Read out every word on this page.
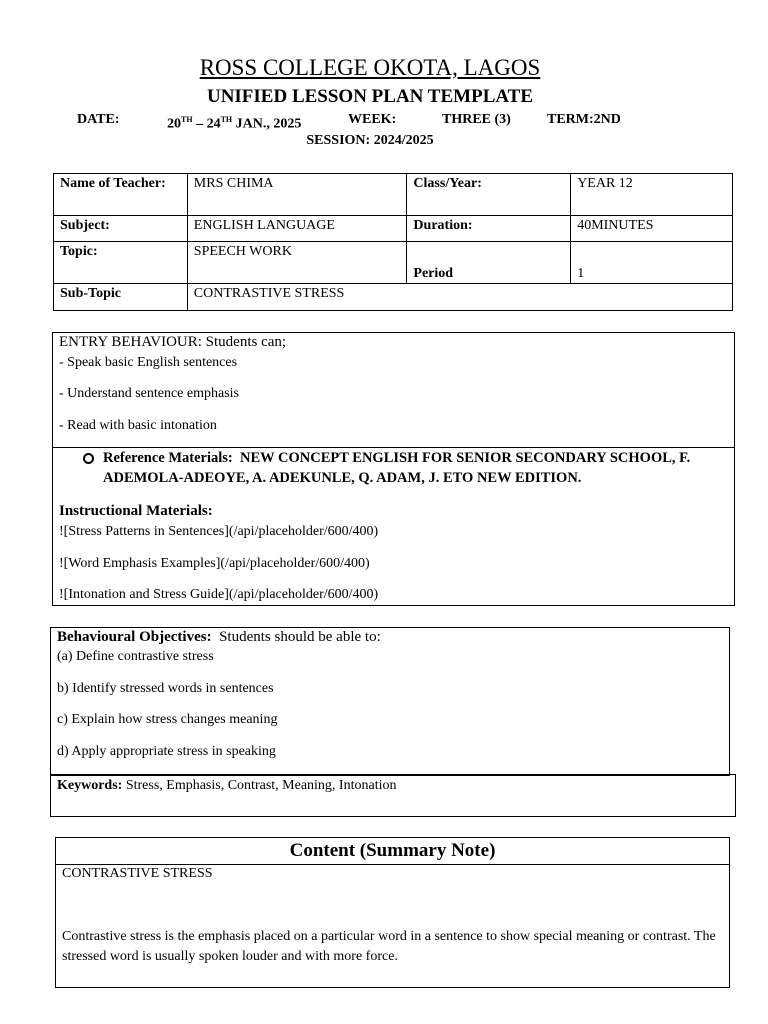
ROSS COLLEGE OKOTA, LAGOS
UNIFIED LESSON PLAN TEMPLATE
DATE:	20TH – 24TH JAN., 2025	WEEK:	THREE (3)	TERM:2ND
SESSION: 2024/2025
Name of Teacher:	MRS CHIMA	Class/Year:	YEAR 12
Subject:	ENGLISH LANGUAGE	Duration:	40MINUTES
Topic:	SPEECH WORK	Period	1
Sub-Topic	CONTRASTIVE STRESS		
ENTRY BEHAVIOUR: Students can;
- Speak basic English sentences
- Understand sentence emphasis
- Read with basic intonation
Reference Materials: NEW CONCEPT ENGLISH FOR SENIOR SECONDARY SCHOOL, F.
ADEMOLA-ADEOYE, A. ADEKUNLE, Q. ADAM, J. ETO NEW EDITION.
Instructional Materials:
![Stress Patterns in Sentences](/api/placeholder/600/400)
![Word Emphasis Examples](/api/placeholder/600/400)
![Intonation and Stress Guide](/api/placeholder/600/400)
Behavioural Objectives: Students should be able to:
(a) Define contrastive stress
b) Identify stressed words in sentences
c) Explain how stress changes meaning
d) Apply appropriate stress in speaking
Keywords: Stress, Emphasis, Contrast, Meaning, Intonation
Content (Summary Note)
CONTRASTIVE STRESS
Contrastive stress is the emphasis placed on a particular word in a sentence to show special meaning or contrast. The stressed word is usually spoken louder and with more force.
